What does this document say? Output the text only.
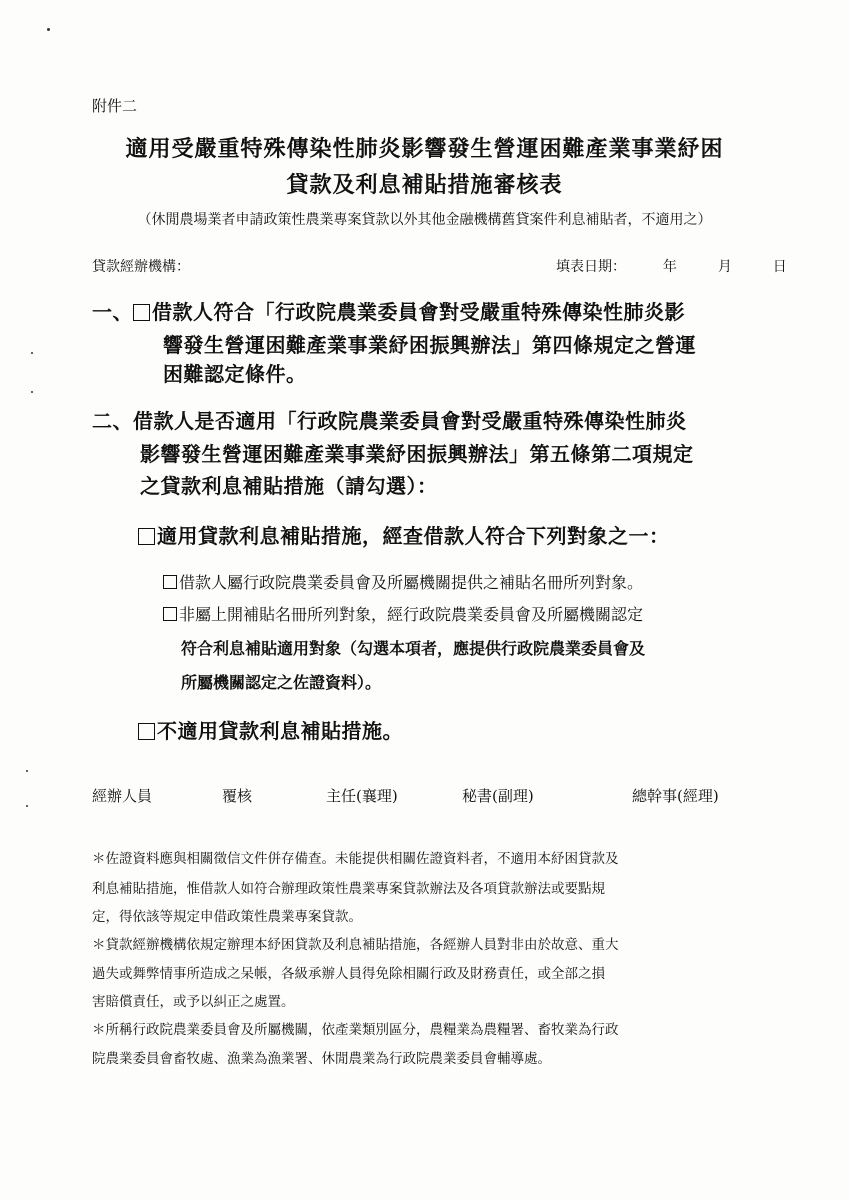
附件二
適用受嚴重特殊傳染性肺炎影響發生營運困難產業事業紓困
貸款及利息補貼措施審核表
（休閒農場業者申請政策性農業專案貸款以外其他金融機構舊貸案件利息補貼者，不適用之）
貸款經辦機構：	填表日期：	年	月	日
一、 借款人符合「行政院農業委員會對受嚴重特殊傳染性肺炎影
響發生營運困難產業事業紓困振興辦法」第四條規定之營運
困難認定條件。
二、借款人是否適用「行政院農業委員會對受嚴重特殊傳染性肺炎
影響發生營運困難產業事業紓困振興辦法」第五條第二項規定
之貸款利息補貼措施（請勾選）：
適用貸款利息補貼措施，經查借款人符合下列對象之一：
借款人屬行政院農業委員會及所屬機關提供之補貼名冊所列對象。
非屬上開補貼名冊所列對象，經行政院農業委員會及所屬機關認定
符合利息補貼適用對象（勾選本項者，應提供行政院農業委員會及
所屬機關認定之佐證資料）。
不適用貸款利息補貼措施。
經辦人員	覆核	主任(襄理)	秘書(副理)	總幹事(經理)
＊佐證資料應與相關徵信文件併存備查。未能提供相關佐證資料者，不適用本紓困貸款及
利息補貼措施，惟借款人如符合辦理政策性農業專案貸款辦法及各項貸款辦法或要點規
定，得依該等規定申借政策性農業專案貸款。
＊貸款經辦機構依規定辦理本紓困貸款及利息補貼措施，各經辦人員對非由於故意、重大
過失或舞弊情事所造成之呆帳，各級承辦人員得免除相關行政及財務責任，或全部之損
害賠償責任，或予以糾正之處置。
＊所稱行政院農業委員會及所屬機關，依產業類別區分，農糧業為農糧署、畜牧業為行政
院農業委員會畜牧處、漁業為漁業署、休閒農業為行政院農業委員會輔導處。
